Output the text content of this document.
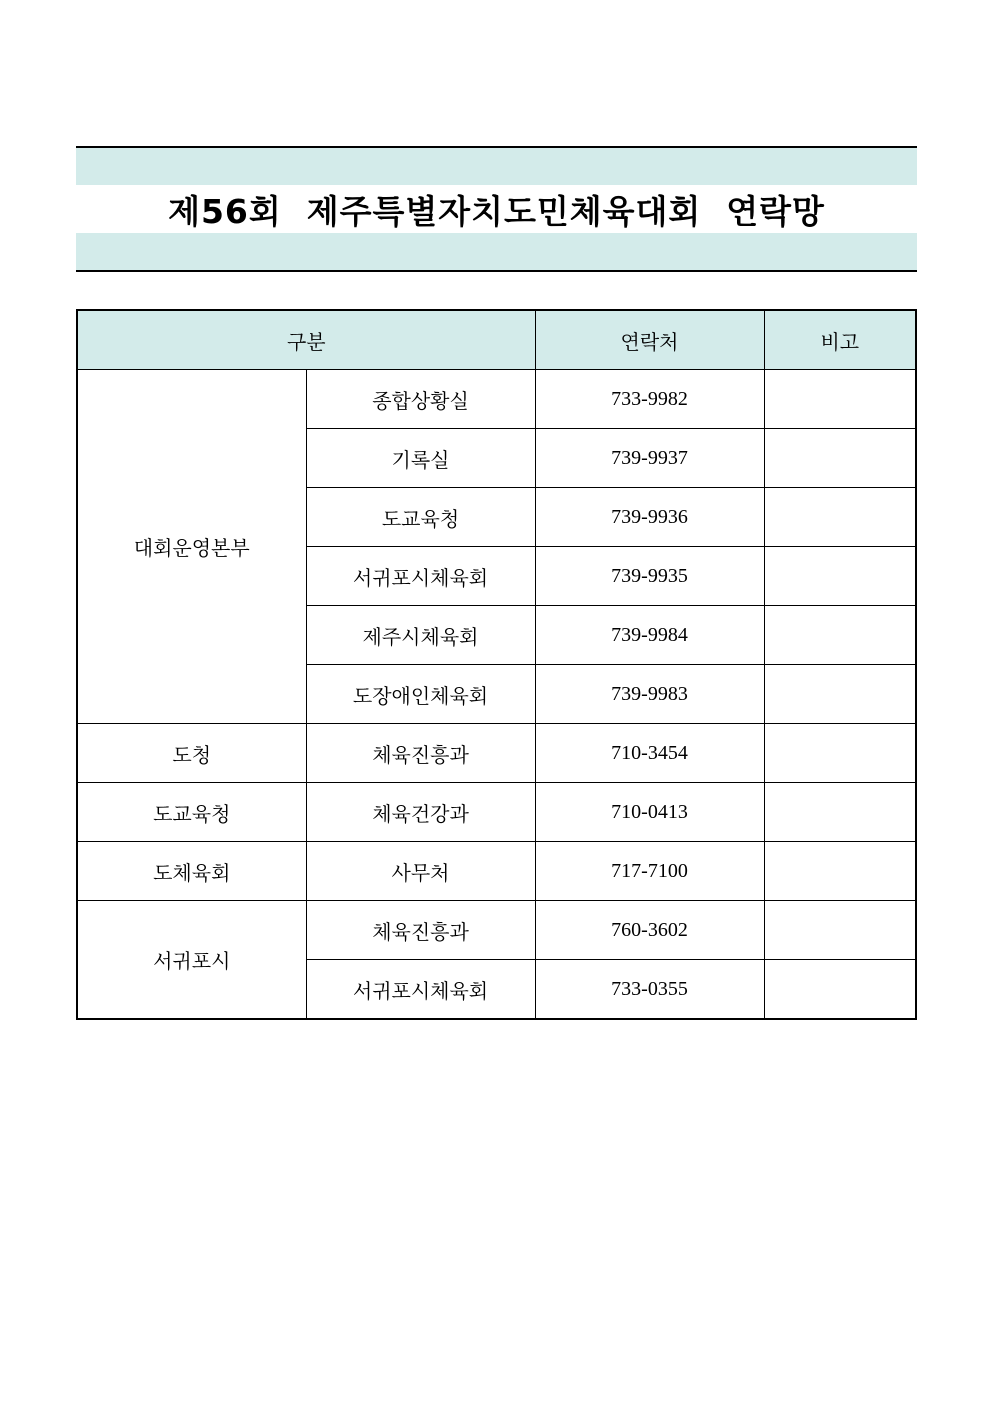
제56회  제주특별자치도민체육대회  연락망
구분		연락처	비고
대회운영본부	종합상황실	733-9982	
	기록실	739-9937	
	도교육청	739-9936	
	서귀포시체육회	739-9935	
	제주시체육회	739-9984	
	도장애인체육회	739-9983	
도청	체육진흥과	710-3454	
도교육청	체육건강과	710-0413	
도체육회	사무처	717-7100	
서귀포시	체육진흥과	760-3602	
	서귀포시체육회	733-0355	
